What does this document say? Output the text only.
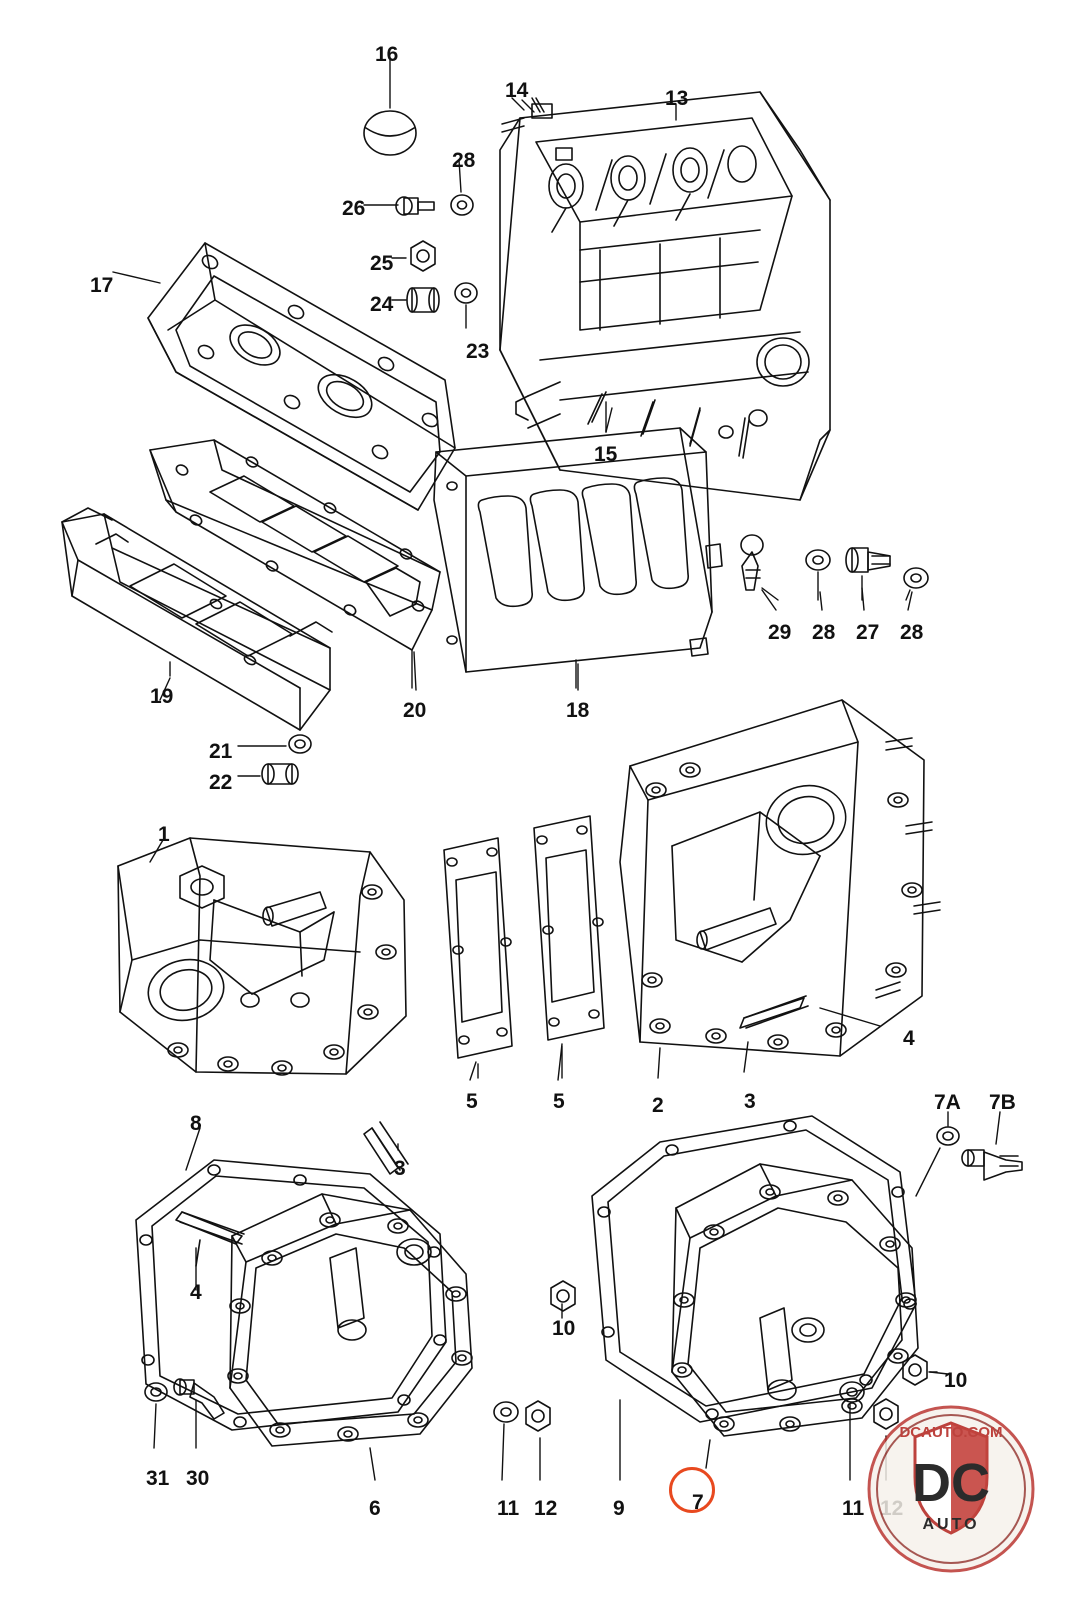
16
14	13
28
26
25
17
24
23
15
29 28 27 28
19
20	18
21
22
1
4
5	5	2	3	7A 7B
8
3
4
10
10
31 30
6	11 12	9	7	11
DCAUTO.COM
DC
AUTO
